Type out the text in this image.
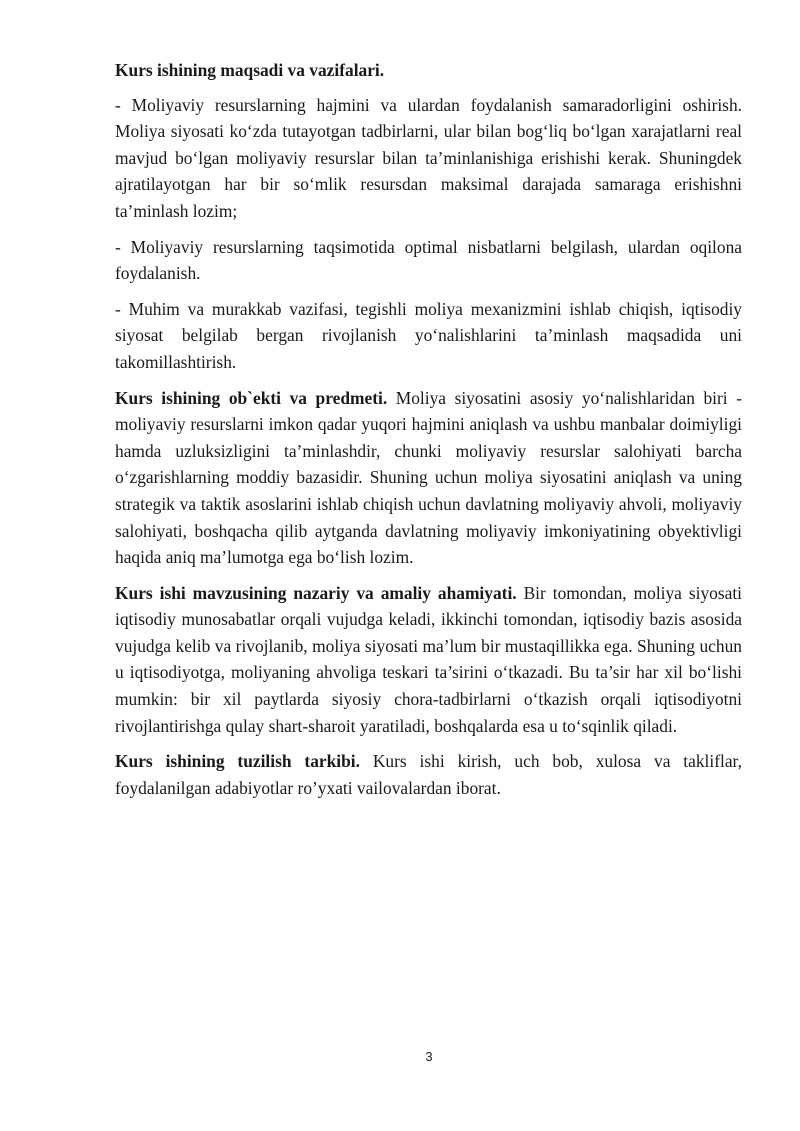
Kurs ishining maqsadi va vazifalari.

- Moliyaviy resurslarning hajmini va ulardan foydalanish samaradorligini oshirish. Moliya siyosati ko‘zda tutayotgan tadbirlarni, ular bilan bog‘liq bo‘lgan xarajatlarni real mavjud bo‘lgan moliyaviy resurslar bilan ta’minlanishiga erishishi kerak. Shuningdek ajratilayotgan har bir so‘mlik resursdan maksimal darajada samaraga erishishni ta’minlash lozim;

- Moliyaviy resurslarning taqsimotida optimal nisbatlarni belgilash, ulardan oqilona foydalanish.

- Muhim va murakkab vazifasi, tegishli moliya mexanizmini ishlab chiqish, iqtisodiy siyosat belgilab bergan rivojlanish yo‘nalishlarini ta’minlash maqsadida uni takomillashtirish.

Kurs ishining ob`ekti va predmeti. Moliya siyosatini asosiy yo‘nalishlaridan biri - moliyaviy resurslarni imkon qadar yuqori hajmini aniqlash va ushbu manbalar doimiyligi hamda uzluksizligini ta’minlashdir, chunki moliyaviy resurslar salohiyati barcha o‘zgarishlarning moddiy bazasidir. Shuning uchun moliya siyosatini aniqlash va uning strategik va taktik asoslarini ishlab chiqish uchun davlatning moliyaviy ahvoli, moliyaviy salohiyati, boshqacha qilib aytganda davlatning moliyaviy imkoniyatining obyektivligi haqida aniq ma’lumotga ega bo‘lish lozim.

Kurs ishi mavzusining nazariy va amaliy ahamiyati. Bir tomondan, moliya siyosati iqtisodiy munosabatlar orqali vujudga keladi, ikkinchi tomondan, iqtisodiy bazis asosida vujudga kelib va rivojlanib, moliya siyosati ma’lum bir mustaqillikka ega. Shuning uchun u iqtisodiyotga, moliyaning ahvoliga teskari ta’sirini o‘tkazadi. Bu ta’sir har xil bo‘lishi mumkin: bir xil paytlarda siyosiy chora-tadbirlarni o‘tkazish orqali iqtisodiyotni rivojlantirishga qulay shart-sharoit yaratiladi, boshqalarda esa u to‘sqinlik qiladi.

Kurs ishining tuzilish tarkibi. Kurs ishi kirish, uch bob, xulosa va takliflar, foydalanilgan adabiyotlar ro’yxati vailovalardan iborat.

3
